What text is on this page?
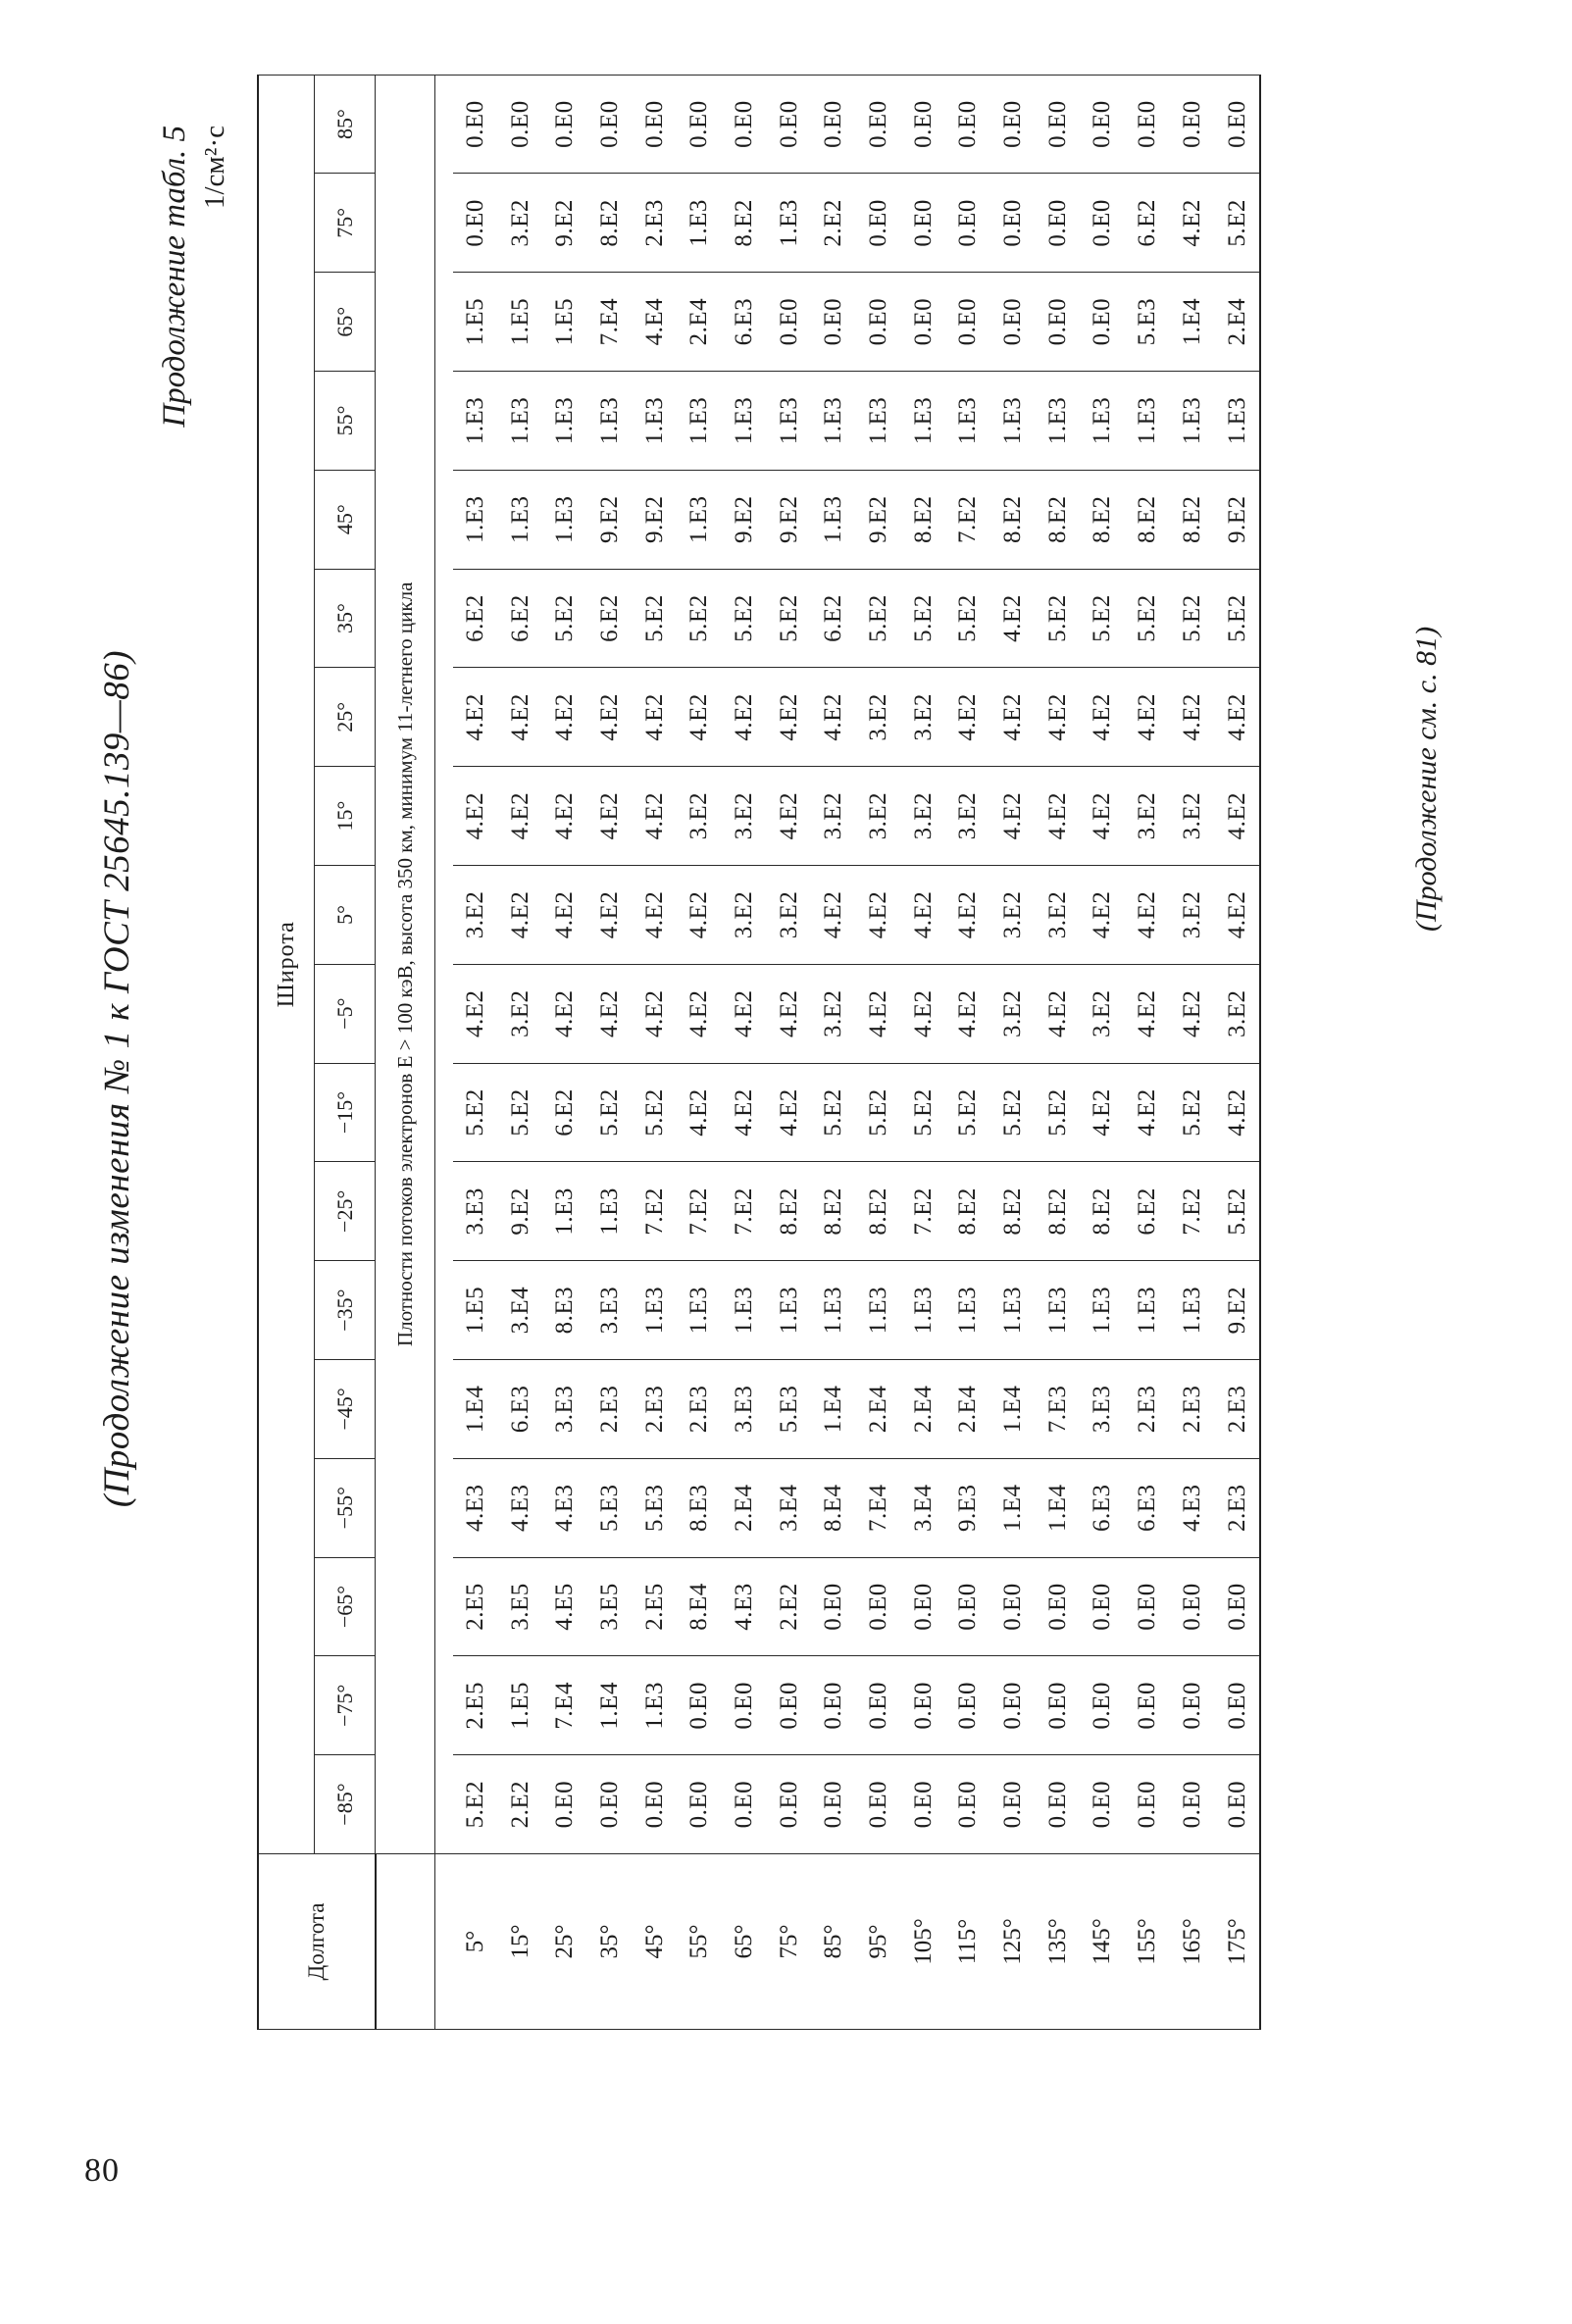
80
(Продолжение изменения № 1 к ГОСТ 25645.139—86)
Продолжение табл. 5 1/см²·с
Долгота	Широта																	
	−85°	−75°	−65°	−55°	−45°	−35°	−25°	−15°	−5°	5°	15°	25°	35°	45°	55°	65°	75°	85°
	Плотности потоков электронов E > 100 кэВ, высота 350 км, минимум 11-летнего цикла																	

5°	5.E2	2.E5	2.E5	4.E3	1.E4	1.E5	3.E3	5.E2	4.E2	3.E2	4.E2	4.E2	6.E2	1.E3	1.E3	1.E5	0.E0	0.E0
15°	2.E2	1.E5	3.E5	4.E3	6.E3	3.E4	9.E2	5.E2	3.E2	4.E2	4.E2	4.E2	6.E2	1.E3	1.E3	1.E5	3.E2	0.E0
25°	0.E0	7.E4	4.E5	4.E3	3.E3	8.E3	1.E3	6.E2	4.E2	4.E2	4.E2	4.E2	5.E2	1.E3	1.E3	1.E5	9.E2	0.E0
35°	0.E0	1.E4	3.E5	5.E3	2.E3	3.E3	1.E3	5.E2	4.E2	4.E2	4.E2	4.E2	6.E2	9.E2	1.E3	7.E4	8.E2	0.E0
45°	0.E0	1.E3	2.E5	5.E3	2.E3	1.E3	7.E2	5.E2	4.E2	4.E2	4.E2	4.E2	5.E2	9.E2	1.E3	4.E4	2.E3	0.E0
55°	0.E0	0.E0	8.E4	8.E3	2.E3	1.E3	7.E2	4.E2	4.E2	4.E2	3.E2	4.E2	5.E2	1.E3	1.E3	2.E4	1.E3	0.E0
65°	0.E0	0.E0	4.E3	2.E4	3.E3	1.E3	7.E2	4.E2	4.E2	3.E2	3.E2	4.E2	5.E2	9.E2	1.E3	6.E3	8.E2	0.E0
75°	0.E0	0.E0	2.E2	3.E4	5.E3	1.E3	8.E2	4.E2	4.E2	3.E2	4.E2	4.E2	5.E2	9.E2	1.E3	0.E0	1.E3	0.E0
85°	0.E0	0.E0	0.E0	8.E4	1.E4	1.E3	8.E2	5.E2	3.E2	4.E2	3.E2	4.E2	6.E2	1.E3	1.E3	0.E0	2.E2	0.E0
95°	0.E0	0.E0	0.E0	7.E4	2.E4	1.E3	8.E2	5.E2	4.E2	4.E2	3.E2	3.E2	5.E2	9.E2	1.E3	0.E0	0.E0	0.E0
105°	0.E0	0.E0	0.E0	3.E4	2.E4	1.E3	7.E2	5.E2	4.E2	4.E2	3.E2	3.E2	5.E2	8.E2	1.E3	0.E0	0.E0	0.E0
115°	0.E0	0.E0	0.E0	9.E3	2.E4	1.E3	8.E2	5.E2	4.E2	4.E2	3.E2	4.E2	5.E2	7.E2	1.E3	0.E0	0.E0	0.E0
125°	0.E0	0.E0	0.E0	1.E4	1.E4	1.E3	8.E2	5.E2	3.E2	3.E2	4.E2	4.E2	4.E2	8.E2	1.E3	0.E0	0.E0	0.E0
135°	0.E0	0.E0	0.E0	1.E4	7.E3	1.E3	8.E2	5.E2	4.E2	3.E2	4.E2	4.E2	5.E2	8.E2	1.E3	0.E0	0.E0	0.E0
145°	0.E0	0.E0	0.E0	6.E3	3.E3	1.E3	8.E2	4.E2	3.E2	4.E2	4.E2	4.E2	5.E2	8.E2	1.E3	0.E0	0.E0	0.E0
155°	0.E0	0.E0	0.E0	6.E3	2.E3	1.E3	6.E2	4.E2	4.E2	4.E2	3.E2	4.E2	5.E2	8.E2	1.E3	5.E3	6.E2	0.E0
165°	0.E0	0.E0	0.E0	4.E3	2.E3	1.E3	7.E2	5.E2	4.E2	3.E2	3.E2	4.E2	5.E2	8.E2	1.E3	1.E4	4.E2	0.E0
175°	0.E0	0.E0	0.E0	2.E3	2.E3	9.E2	5.E2	4.E2	3.E2	4.E2	4.E2	4.E2	5.E2	9.E2	1.E3	2.E4	5.E2	0.E0
(Продолжение см. с. 81)
